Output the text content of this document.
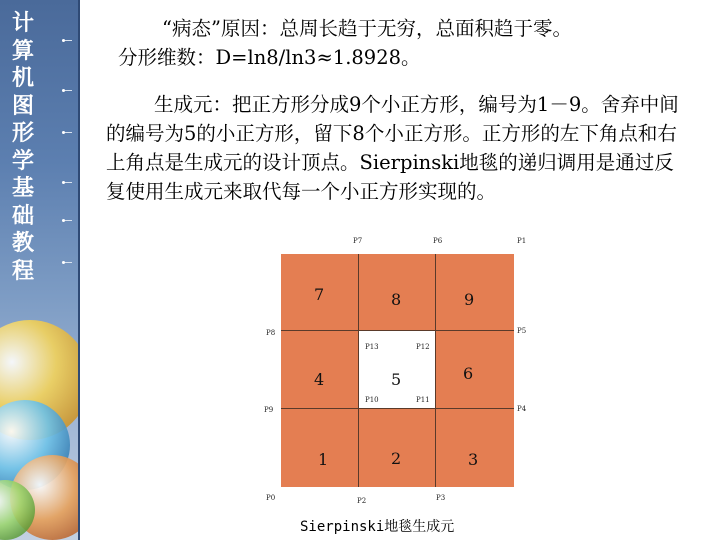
计
算
机
图
形
学
基
础
教
程
“病态”原因：总周长趋于无穷，总面积趋于零。
分形维数：D=ln8/ln3≈1.8928。
生成元：把正方形分成9个小正方形，编号为1－9。舍弃中间的编号为5的小正方形，留下8个小正方形。正方形的左下角点和右上角点是生成元的设计顶点。Sierpinski地毯的递归调用是通过反复使用生成元来取代每一个小正方形实现的。
7	8	9
4	5	6
1	2	3
P7	P6	P1
P8	P5
P13	P12
P9	P4
P10	P11
P0	P2	P3
Sierpinski地毯生成元
